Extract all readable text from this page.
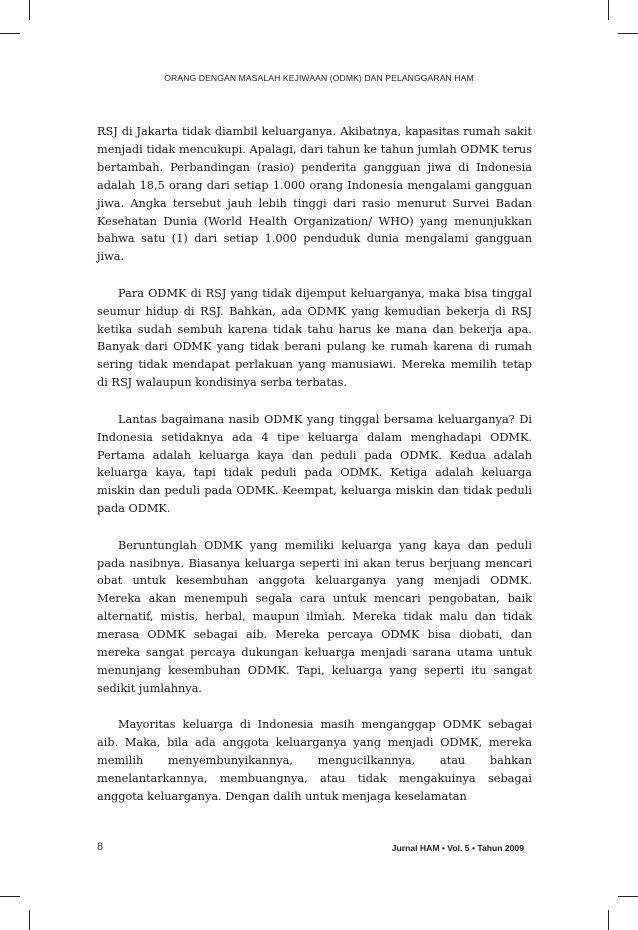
ORANG DENGAN MASALAH KEJIWAAN (ODMK) DAN PELANGGARAN HAM

RSJ di Jakarta tidak diambil keluarganya. Akibatnya, kapasitas rumah sakit menjadi tidak mencukupi. Apalagi, dari tahun ke tahun jumlah ODMK terus bertambah. Perbandingan (rasio) penderita gangguan jiwa di Indonesia adalah 18,5 orang dari setiap 1.000 orang Indonesia mengalami gangguan jiwa. Angka tersebut jauh lebih tinggi dari rasio menurut Survei Badan Kesehatan Dunia (World Health Organization/ WHO) yang menunjukkan bahwa satu (1) dari setiap 1.000 penduduk dunia mengalami gangguan jiwa.

Para ODMK di RSJ yang tidak dijemput keluarganya, maka bisa tinggal seumur hidup di RSJ. Bahkan, ada ODMK yang kemudian bekerja di RSJ ketika sudah sembuh karena tidak tahu harus ke mana dan bekerja apa. Banyak dari ODMK yang tidak berani pulang ke rumah karena di rumah sering tidak mendapat perlakuan yang manusiawi. Mereka memilih tetap di RSJ walaupun kondisinya serba terbatas.

Lantas bagaimana nasib ODMK yang tinggal bersama keluarganya? Di Indonesia setidaknya ada 4 tipe keluarga dalam menghadapi ODMK. Pertama adalah keluarga kaya dan peduli pada ODMK. Kedua adalah keluarga kaya, tapi tidak peduli pada ODMK. Ketiga adalah keluarga miskin dan peduli pada ODMK. Keempat, keluarga miskin dan tidak peduli pada ODMK.

Beruntunglah ODMK yang memiliki keluarga yang kaya dan peduli pada nasibnya. Biasanya keluarga seperti ini akan terus berjuang mencari obat untuk kesembuhan anggota keluarganya yang menjadi ODMK. Mereka akan menempuh segala cara untuk mencari pengobatan, baik alternatif, mistis, herbal, maupun ilmiah. Mereka tidak malu dan tidak merasa ODMK sebagai aib. Mereka percaya ODMK bisa diobati, dan mereka sangat percaya dukungan keluarga menjadi sarana utama untuk menunjang kesembuhan ODMK. Tapi, keluarga yang seperti itu sangat sedikit jumlahnya.

Mayoritas keluarga di Indonesia masih menganggap ODMK sebagai aib. Maka, bila ada anggota keluarganya yang menjadi ODMK, mereka memilih menyembunyikannya, mengucilkannya, atau bahkan menelantarkannya, membuangnya, atau tidak mengakuinya sebagai anggota keluarganya. Dengan dalih untuk menjaga keselamatan

8	Jurnal HAM • Vol. 5 • Tahun 2009
